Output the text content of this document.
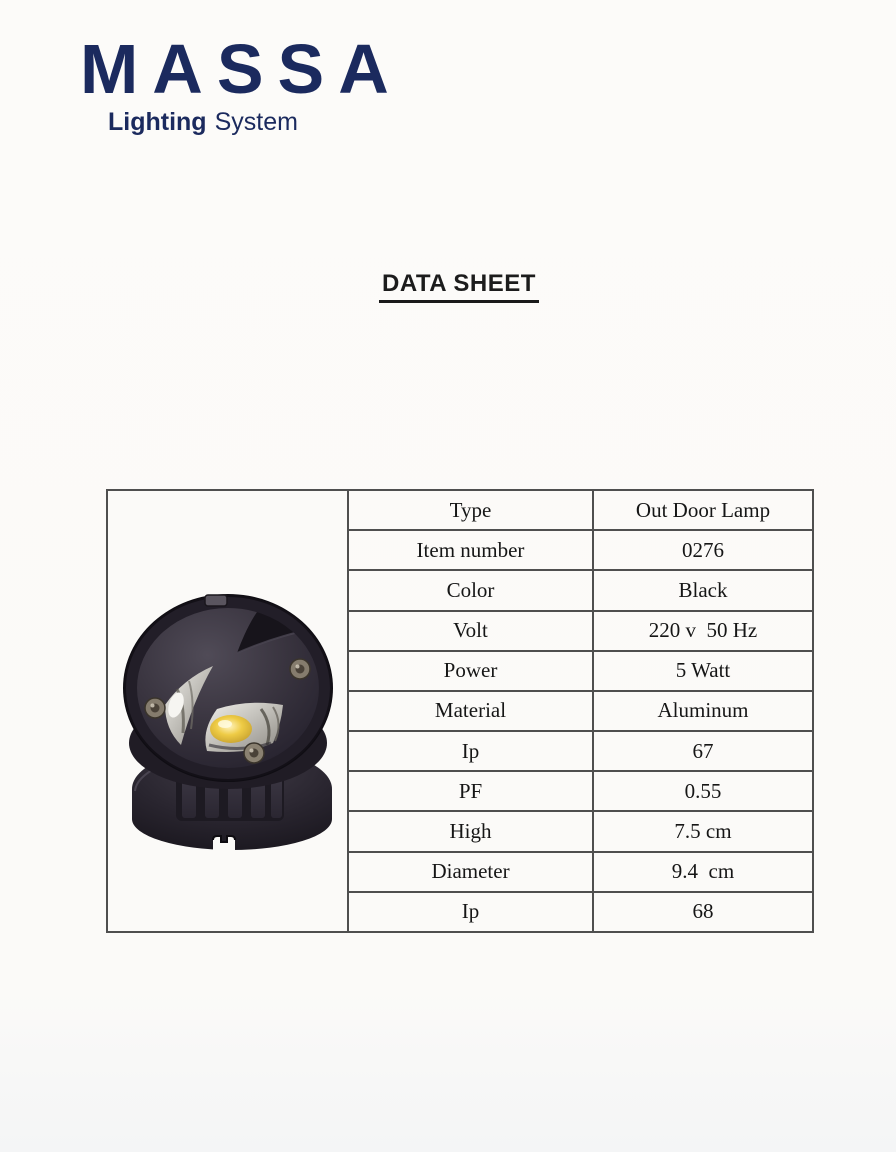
MASSA
Lighting System
DATA SHEET
	Type	Out Door Lamp
	Item number	0276
	Color	Black
	Volt	220 v  50 Hz
	Power	5 Watt
	Material	Aluminum
	Ip	67
	PF	0.55
	High	7.5 cm
	Diameter	9.4  cm
	Ip	68
